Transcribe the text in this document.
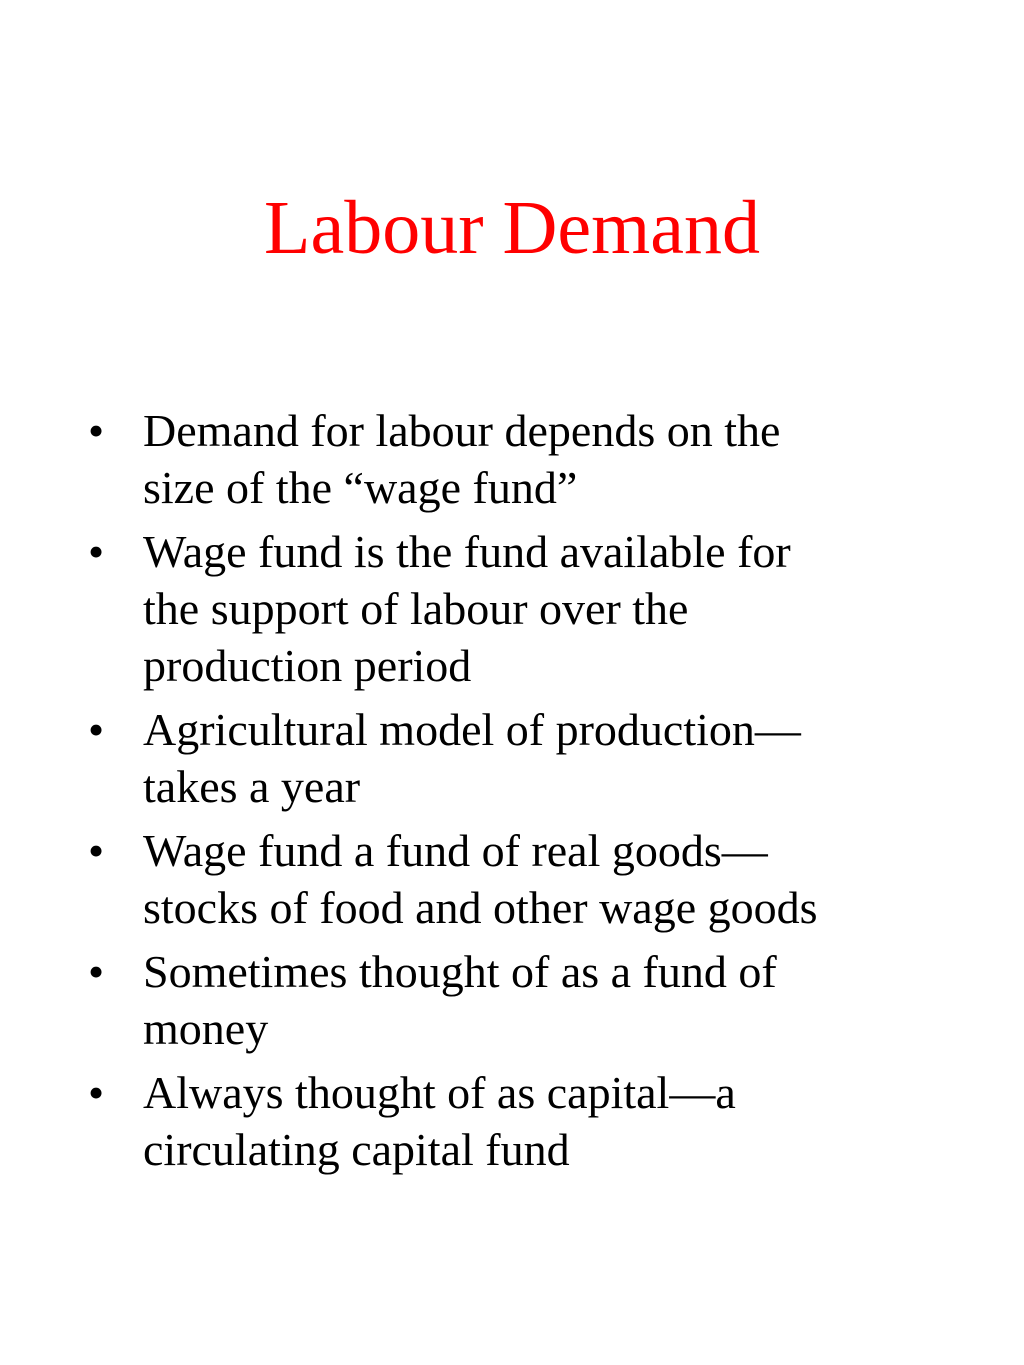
Labour Demand
• Demand for labour depends on the
size of the “wage fund”
• Wage fund is the fund available for
the support of labour over the
production period
• Agricultural model of production—
takes a year
• Wage fund a fund of real goods—
stocks of food and other wage goods
• Sometimes thought of as a fund of
money
• Always thought of as capital—a
circulating capital fund
